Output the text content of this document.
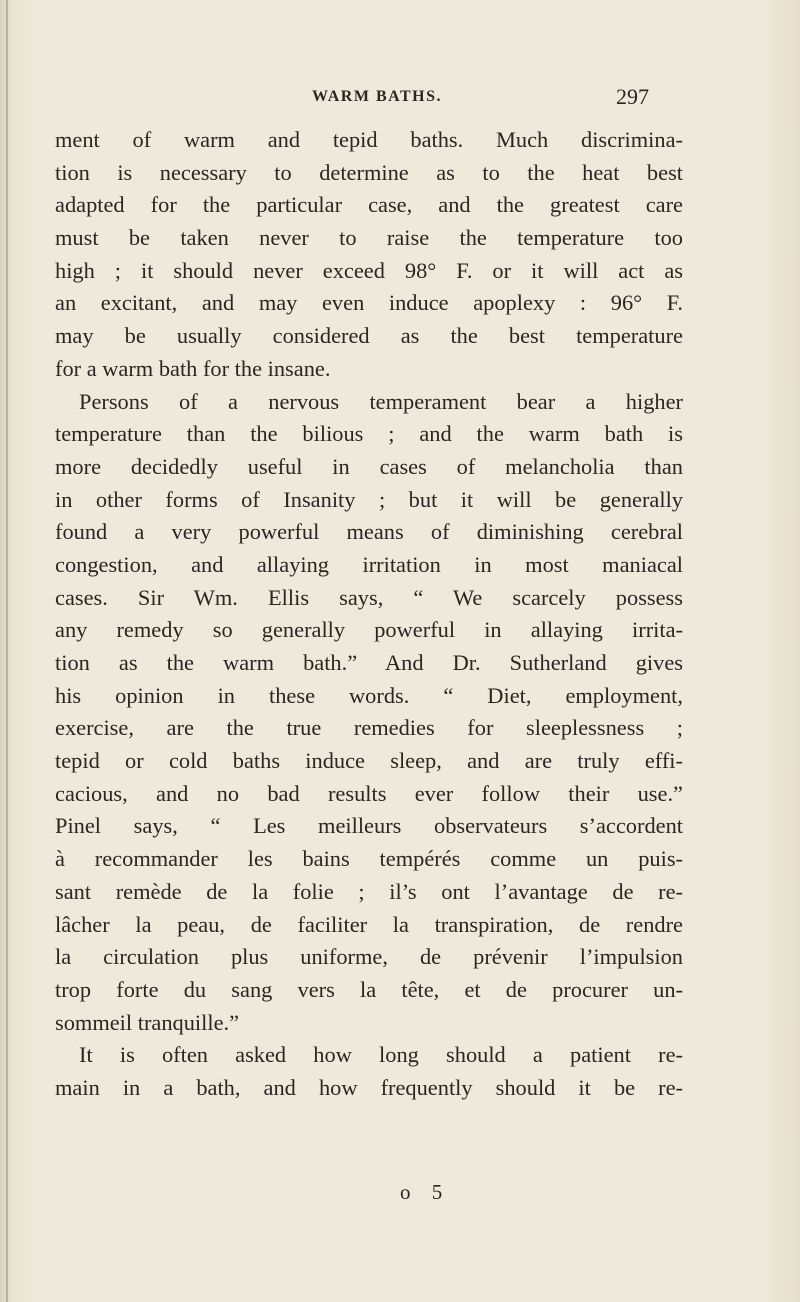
WARM BATHS.	297
ment of warm and tepid baths. Much discrimina-
tion is necessary to determine as to the heat best
adapted for the particular case, and the greatest care
must be taken never to raise the temperature too
high ; it should never exceed 98° F. or it will act as
an excitant, and may even induce apoplexy : 96° F.
may be usually considered as the best temperature
for a warm bath for the insane.
Persons of a nervous temperament bear a higher
temperature than the bilious ; and the warm bath is
more decidedly useful in cases of melancholia than
in other forms of Insanity ; but it will be generally
found a very powerful means of diminishing cerebral
congestion, and allaying irritation in most maniacal
cases. Sir Wm. Ellis says, “ We scarcely possess
any remedy so generally powerful in allaying irrita-
tion as the warm bath.” And Dr. Sutherland gives
his opinion in these words. “ Diet, employment,
exercise, are the true remedies for sleeplessness ;
tepid or cold baths induce sleep, and are truly effi-
cacious, and no bad results ever follow their use.”
Pinel says, “ Les meilleurs observateurs s’accordent
à recommander les bains tempérés comme un puis-
sant remède de la folie ; il’s ont l’avantage de re-
lâcher la peau, de faciliter la transpiration, de rendre
la circulation plus uniforme, de prévenir l’impulsion
trop forte du sang vers la tête, et de procurer un-
sommeil tranquille.”
It is often asked how long should a patient re-
main in a bath, and how frequently should it be re-
o 5
